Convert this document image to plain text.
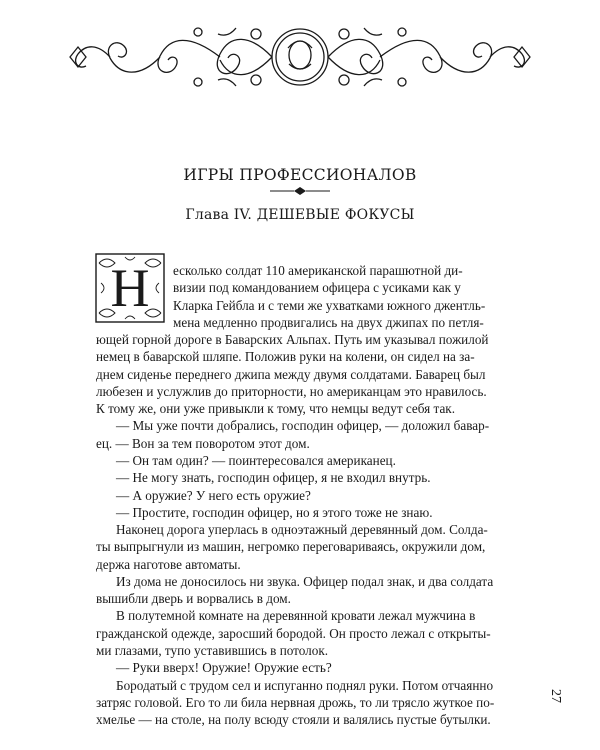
ИГРЫ ПРОФЕССИОНАЛОВ
Глава IV. ДЕШЕВЫЕ ФОКУСЫ
Н	есколько солдат 110 американской парашютной ди-
визии под командованием офицера с усиками как у
Кларка Гейбла и с теми же ухватками южного джентль-
мена медленно продвигались на двух джипах по петля-
ющей горной дороге в Баварских Альпах. Путь им указывал пожилой
немец в баварской шляпе. Положив руки на колени, он сидел на за-
днем сиденье переднего джипа между двумя солдатами. Баварец был
любезен и услужлив до приторности, но американцам это нравилось.
К тому же, они уже привыкли к тому, что немцы ведут себя так.
— Мы уже почти добрались, господин офицер, — доложил бавар-
ец. — Вон за тем поворотом этот дом.
— Он там один? — поинтересовался американец.
— Не могу знать, господин офицер, я не входил внутрь.
— А оружие? У него есть оружие?
— Простите, господин офицер, но я этого тоже не знаю.
Наконец дорога уперлась в одноэтажный деревянный дом. Солда-
ты выпрыгнули из машин, негромко переговариваясь, окружили дом,
держа наготове автоматы.
Из дома не доносилось ни звука. Офицер подал знак, и два солдата
вышибли дверь и ворвались в дом.
В полутемной комнате на деревянной кровати лежал мужчина в
гражданской одежде, заросший бородой. Он просто лежал с открыты-
ми глазами, тупо уставившись в потолок.
— Руки вверх! Оружие! Оружие есть?
Бородатый с трудом сел и испуганно поднял руки. Потом отчаянно
затряс головой. Его то ли била нервная дрожь, то ли трясло жуткое по-
хмелье — на столе, на полу всюду стояли и валялись пустые бутылки.
27
